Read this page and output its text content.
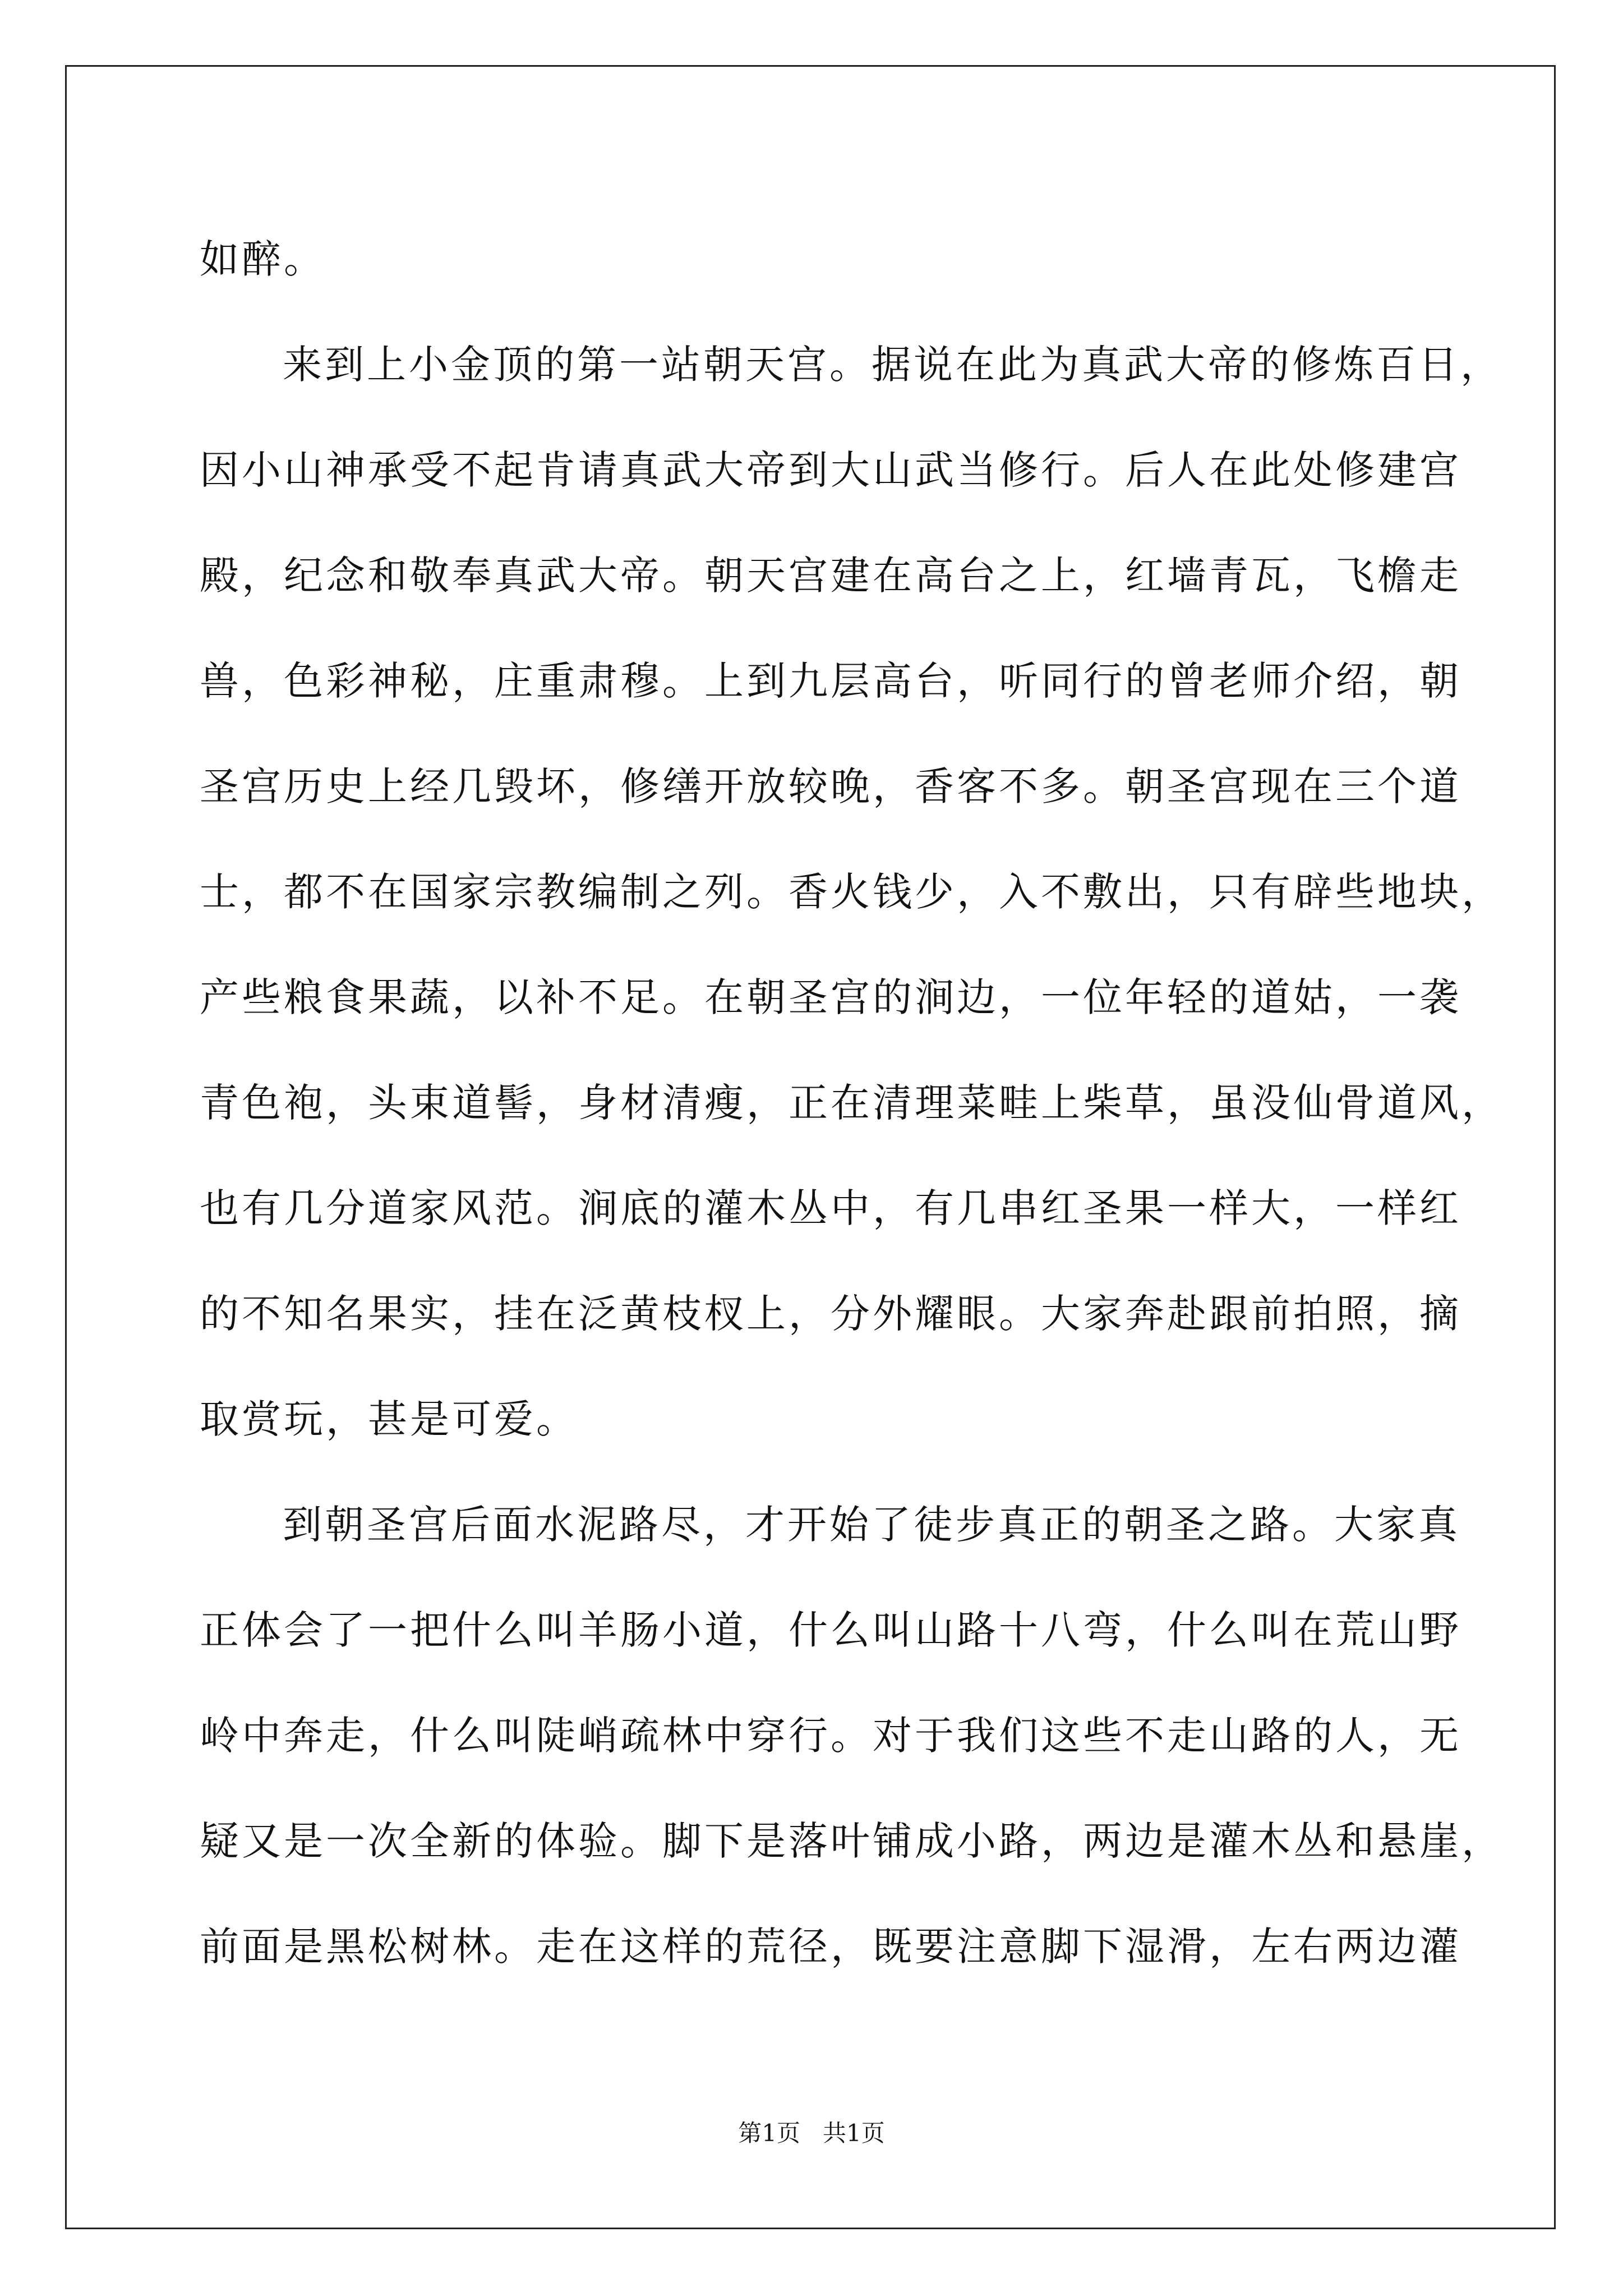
如醉。
来到上小金顶的第一站朝天宫。据说在此为真武大帝的修炼百日，
因小山神承受不起肯请真武大帝到大山武当修行。后人在此处修建宫
殿，纪念和敬奉真武大帝。朝天宫建在高台之上，红墙青瓦，飞檐走
兽，色彩神秘，庄重肃穆。上到九层高台，听同行的曾老师介绍，朝
圣宫历史上经几毁坏，修缮开放较晚，香客不多。朝圣宫现在三个道
士，都不在国家宗教编制之列。香火钱少，入不敷出，只有辟些地块，
产些粮食果蔬，以补不足。在朝圣宫的涧边，一位年轻的道姑，一袭
青色袍，头束道髻，身材清瘦，正在清理菜畦上柴草，虽没仙骨道风，
也有几分道家风范。涧底的灌木丛中，有几串红圣果一样大，一样红
的不知名果实，挂在泛黄枝杈上，分外耀眼。大家奔赴跟前拍照，摘
取赏玩，甚是可爱。
到朝圣宫后面水泥路尽，才开始了徒步真正的朝圣之路。大家真
正体会了一把什么叫羊肠小道，什么叫山路十八弯，什么叫在荒山野
岭中奔走，什么叫陡峭疏林中穿行。对于我们这些不走山路的人，无
疑又是一次全新的体验。脚下是落叶铺成小路，两边是灌木丛和悬崖，
前面是黑松树林。走在这样的荒径，既要注意脚下湿滑，左右两边灌
第1页   共1页
